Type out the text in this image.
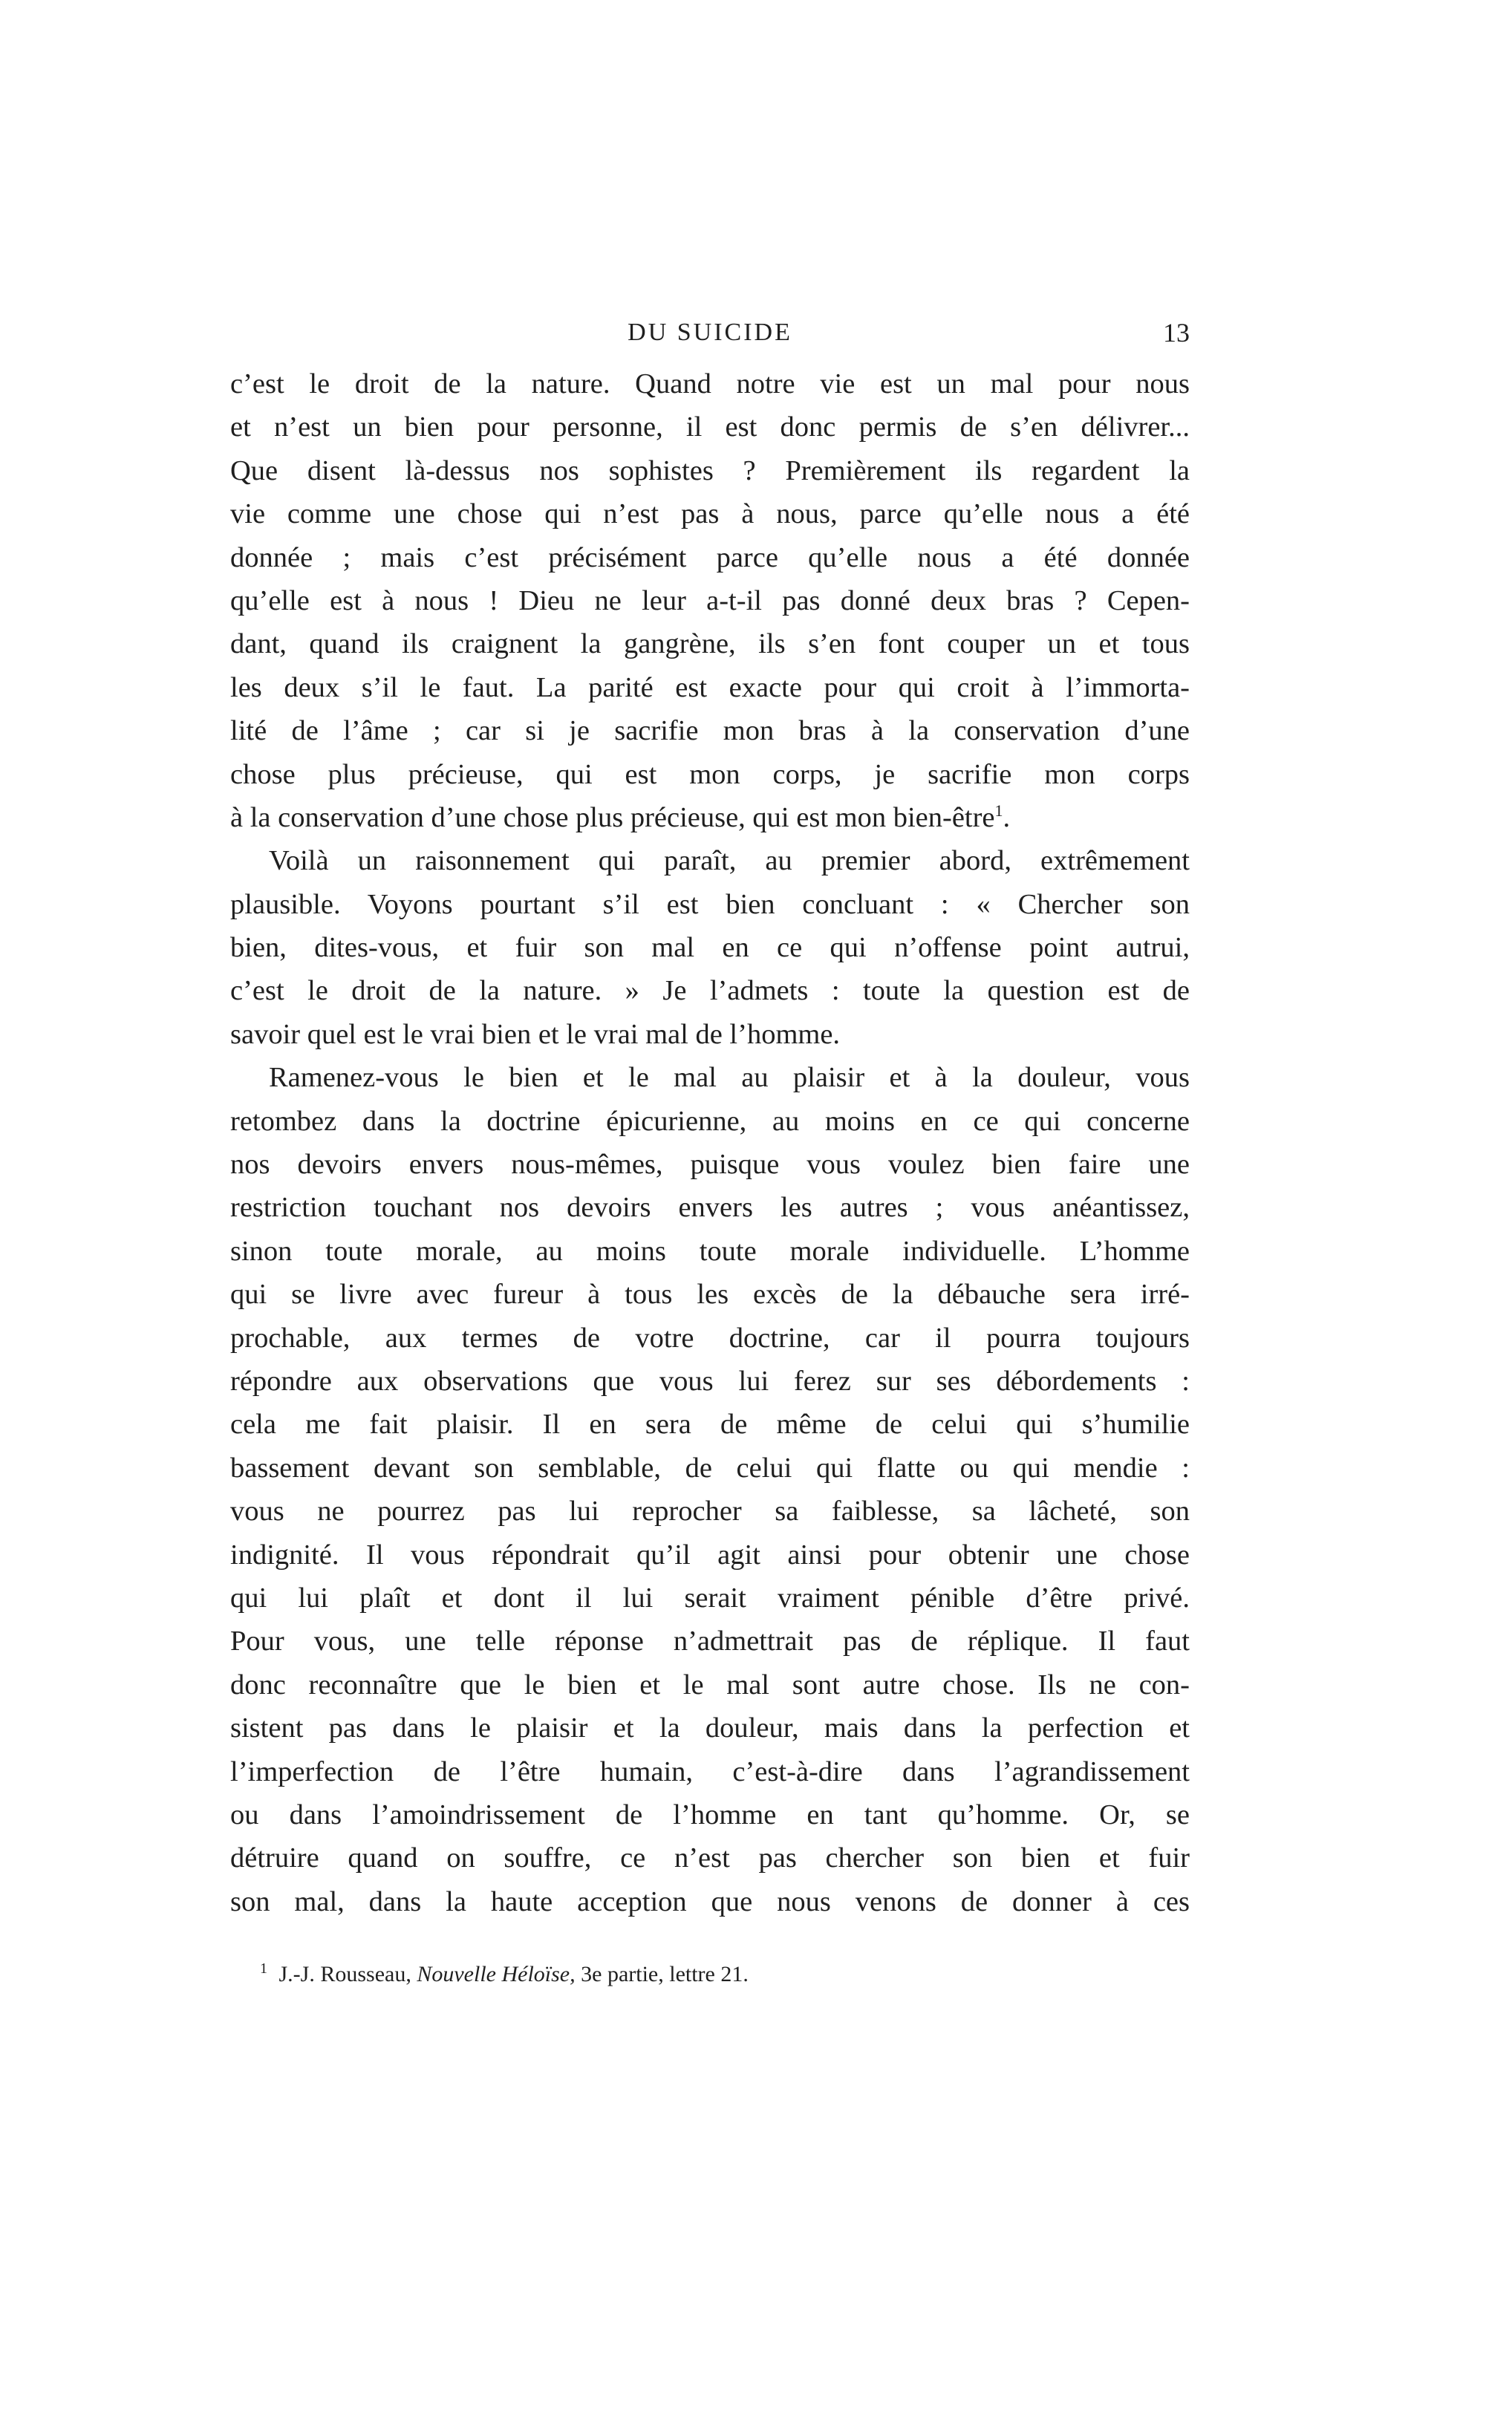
DU SUICIDE	13
c’est le droit de la nature. Quand notre vie est un mal pour nous
et n’est un bien pour personne, il est donc permis de s’en délivrer...
Que disent là-dessus nos sophistes ? Premièrement ils regardent la
vie comme une chose qui n’est pas à nous, parce qu’elle nous a été
donnée ; mais c’est précisément parce qu’elle nous a été donnée
qu’elle est à nous ! Dieu ne leur a-t-il pas donné deux bras ? Cepen-
dant, quand ils craignent la gangrène, ils s’en font couper un et tous
les deux s’il le faut. La parité est exacte pour qui croit à l’immorta-
lité de l’âme ; car si je sacrifie mon bras à la conservation d’une
chose plus précieuse, qui est mon corps, je sacrifie mon corps
à la conservation d’une chose plus précieuse, qui est mon bien-être$^1$.
Voilà un raisonnement qui paraît, au premier abord, extrêmement
plausible. Voyons pourtant s’il est bien concluant : « Chercher son
bien, dites-vous, et fuir son mal en ce qui n’offense point autrui,
c’est le droit de la nature. » Je l’admets : toute la question est de
savoir quel est le vrai bien et le vrai mal de l’homme.
Ramenez-vous le bien et le mal au plaisir et à la douleur, vous
retombez dans la doctrine épicurienne, au moins en ce qui concerne
nos devoirs envers nous-mêmes, puisque vous voulez bien faire une
restriction touchant nos devoirs envers les autres ; vous anéantissez,
sinon toute morale, au moins toute morale individuelle. L’homme
qui se livre avec fureur à tous les excès de la débauche sera irré-
prochable, aux termes de votre doctrine, car il pourra toujours
répondre aux observations que vous lui ferez sur ses débordements :
cela me fait plaisir. Il en sera de même de celui qui s’humilie
bassement devant son semblable, de celui qui flatte ou qui mendie :
vous ne pourrez pas lui reprocher sa faiblesse, sa lâcheté, son
indignité. Il vous répondrait qu’il agit ainsi pour obtenir une chose
qui lui plaît et dont il lui serait vraiment pénible d’être privé.
Pour vous, une telle réponse n’admettrait pas de réplique. Il faut
donc reconnaître que le bien et le mal sont autre chose. Ils ne con-
sistent pas dans le plaisir et la douleur, mais dans la perfection et
l’imperfection de l’être humain, c’est-à-dire dans l’agrandissement
ou dans l’amoindrissement de l’homme en tant qu’homme. Or, se
détruire quand on souffre, ce n’est pas chercher son bien et fuir
son mal, dans la haute acception que nous venons de donner à ces
$^1$ J.-J. Rousseau, Nouvelle Héloïse, 3e partie, lettre 21.
